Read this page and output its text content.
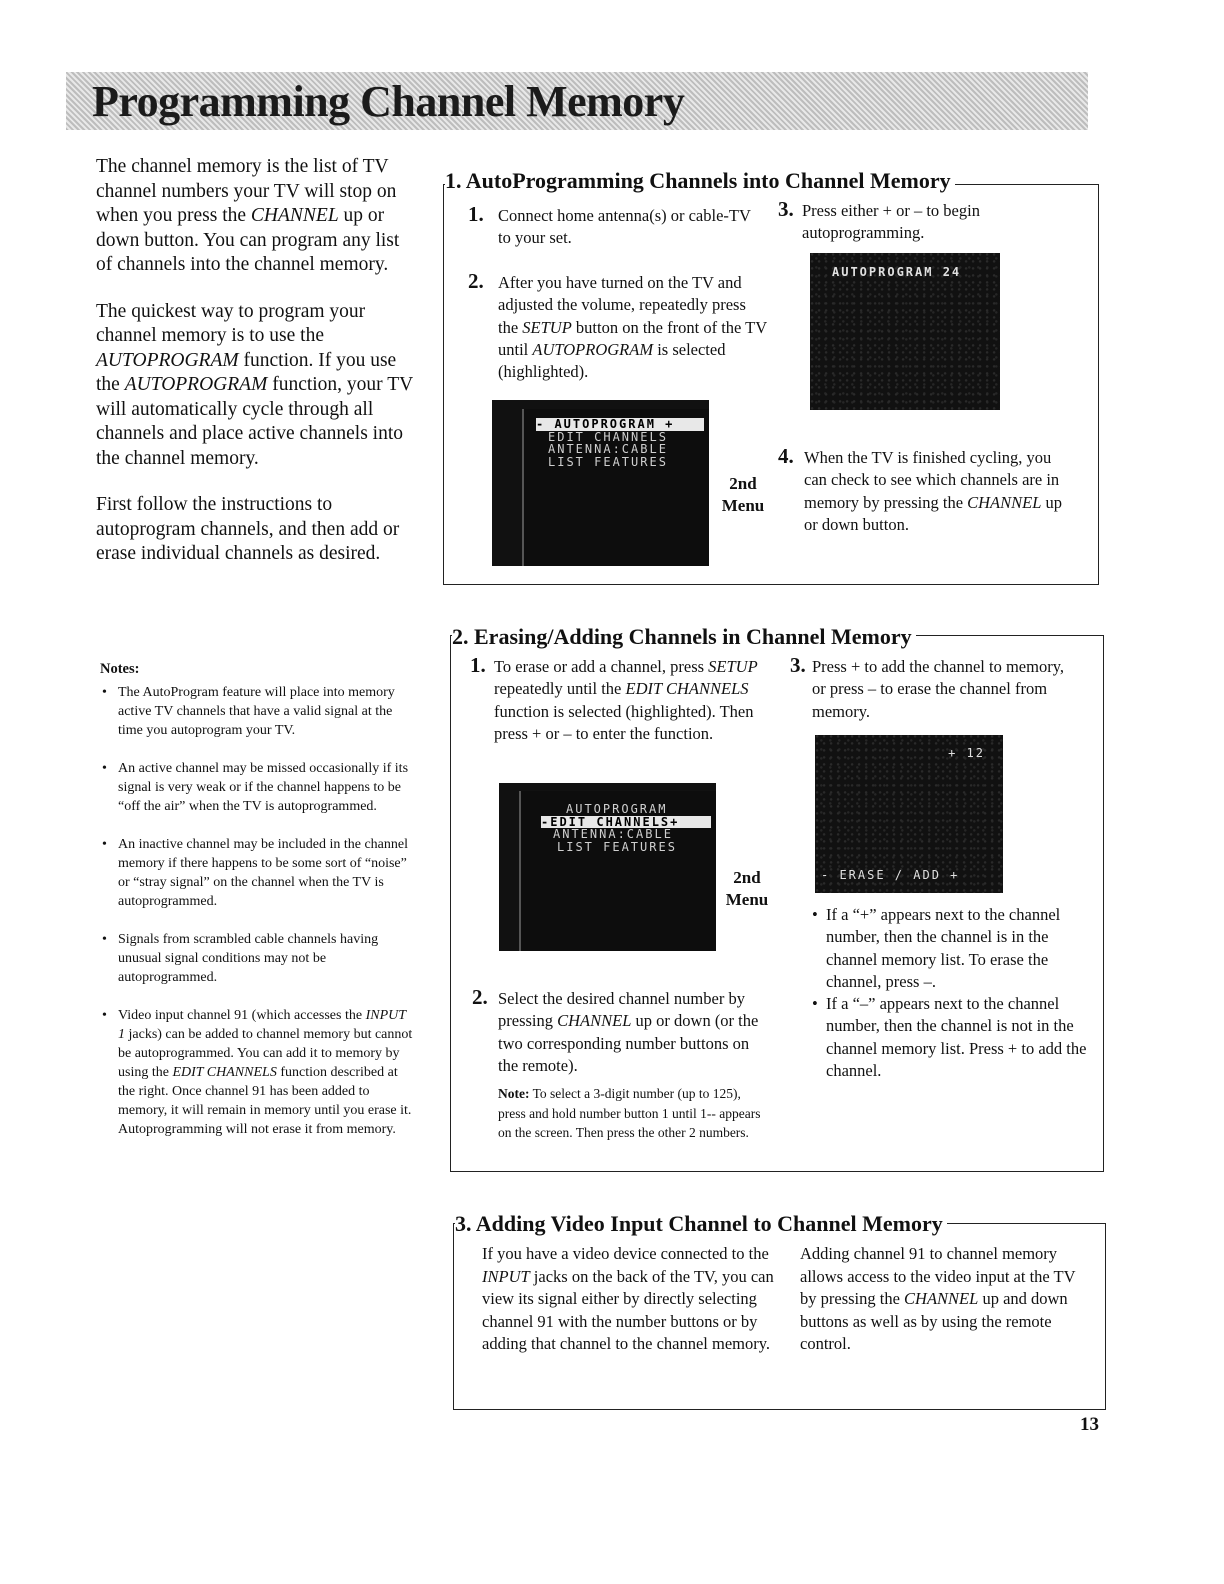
Programming Channel Memory

The channel memory is the list of TV channel numbers your TV will stop on when you press the CHANNEL up or down button. You can program any list of channels into the channel memory.

The quickest way to program your channel memory is to use the AUTOPROGRAM function. If you use the AUTOPROGRAM function, your TV will automatically cycle through all channels and place active channels into the channel memory.

First follow the instructions to autoprogram channels, and then add or erase individual channels as desired.

Notes:
• The AutoProgram feature will place into memory active TV channels that have a valid signal at the time you autoprogram your TV.
• An active channel may be missed occasionally if its signal is very weak or if the channel happens to be “off the air” when the TV is autoprogrammed.
• An inactive channel may be included in the channel memory if there happens to be some sort of “noise” or “stray signal” on the channel when the TV is autoprogrammed.
• Signals from scrambled cable channels having unusual signal conditions may not be autoprogrammed.
• Video input channel 91 (which accesses the INPUT 1 jacks) can be added to channel memory but cannot be autoprogrammed. You can add it to memory by using the EDIT CHANNELS function described at the right. Once channel 91 has been added to memory, it will remain in memory until you erase it. Autoprogramming will not erase it from memory.
1. AutoProgramming Channels into Channel Memory
1. Connect home antenna(s) or cable-TV to your set.
2. After you have turned on the TV and adjusted the volume, repeatedly press the SETUP button on the front of the TV until AUTOPROGRAM is selected (highlighted).
- AUTOPROGRAM +
EDIT CHANNELS
ANTENNA:CABLE
LIST FEATURES
2nd Menu
3. Press either + or – to begin autoprogramming.
AUTOPROGRAM 24
4. When the TV is finished cycling, you can check to see which channels are in memory by pressing the CHANNEL up or down button.
2. Erasing/Adding Channels in Channel Memory
1. To erase or add a channel, press SETUP repeatedly until the EDIT CHANNELS function is selected (highlighted). Then press + or – to enter the function.
AUTOPROGRAM
-EDIT CHANNELS+
ANTENNA:CABLE
LIST FEATURES
2nd Menu
2. Select the desired channel number by pressing CHANNEL up or down (or the two corresponding number buttons on the remote).
Note: To select a 3-digit number (up to 125), press and hold number button 1 until 1-- appears on the screen. Then press the other 2 numbers.
3. Press + to add the channel to memory, or press – to erase the channel from memory.
+ 12
- ERASE / ADD +
• If a “+” appears next to the channel number, then the channel is in the channel memory list. To erase the channel, press –.
• If a “–” appears next to the channel number, then the channel is not in the channel memory list. Press + to add the channel.
3. Adding Video Input Channel to Channel Memory
If you have a video device connected to the INPUT jacks on the back of the TV, you can view its signal either by directly selecting channel 91 with the number buttons or by adding that channel to the channel memory.
Adding channel 91 to channel memory allows access to the video input at the TV by pressing the CHANNEL up and down buttons as well as by using the remote control.
13
